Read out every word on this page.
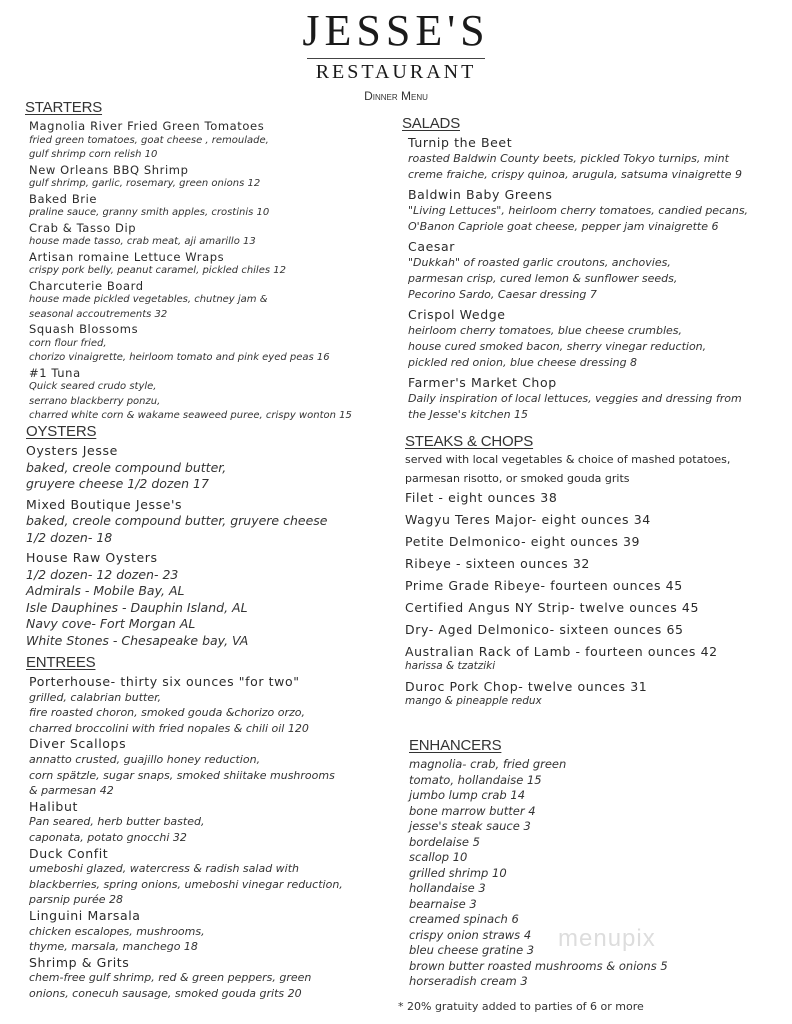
JESSE'S
RESTAURANT
Dinner Menu
STARTERS
Magnolia River Fried Green Tomatoes
fried green tomatoes, goat cheese , remoulade,
gulf shrimp corn relish 10
New Orleans BBQ Shrimp
gulf shrimp, garlic, rosemary, green onions 12
Baked Brie
praline sauce, granny smith apples, crostinis 10
Crab & Tasso Dip
house made tasso, crab meat, aji amarillo 13
Artisan romaine Lettuce Wraps
crispy pork belly, peanut caramel, pickled chiles 12
Charcuterie Board
house made pickled vegetables, chutney jam &
seasonal accoutrements 32
Squash Blossoms
corn flour fried,
chorizo vinaigrette, heirloom tomato and pink eyed peas 16
#1 Tuna
Quick seared crudo style,
serrano blackberry ponzu,
charred white corn & wakame seaweed puree, crispy wonton 15
OYSTERS
Oysters Jesse
baked, creole compound butter,
gruyere cheese 1/2 dozen 17
Mixed Boutique Jesse's
baked, creole compound butter, gruyere cheese
1/2 dozen- 18
House Raw Oysters
1/2 dozen- 12 dozen- 23
Admirals - Mobile Bay, AL
Isle Dauphines - Dauphin Island, AL
Navy cove- Fort Morgan AL
White Stones - Chesapeake bay, VA
ENTREES
Porterhouse- thirty six ounces "for two"
grilled, calabrian butter,
fire roasted choron, smoked gouda &chorizo orzo,
charred broccolini with fried nopales & chili oil 120
Diver Scallops
annatto crusted, guajillo honey reduction,
corn spätzle, sugar snaps, smoked shiitake mushrooms
& parmesan 42
Halibut
Pan seared, herb butter basted,
caponata, potato gnocchi 32
Duck Confit
umeboshi glazed, watercress & radish salad with
blackberries, spring onions, umeboshi vinegar reduction,
parsnip purée 28
Linguini Marsala
chicken escalopes, mushrooms,
thyme, marsala, manchego 18
Shrimp & Grits
chem-free gulf shrimp, red & green peppers, green
onions, conecuh sausage, smoked gouda grits 20
SALADS
Turnip the Beet
roasted Baldwin County beets, pickled Tokyo turnips, mint
creme fraiche, crispy quinoa, arugula, satsuma vinaigrette 9
Baldwin Baby Greens
"Living Lettuces", heirloom cherry tomatoes, candied pecans,
O'Banon Capriole goat cheese, pepper jam vinaigrette 6
Caesar
"Dukkah" of roasted garlic croutons, anchovies,
parmesan crisp, cured lemon & sunflower seeds,
Pecorino Sardo, Caesar dressing 7
Crispol Wedge
heirloom cherry tomatoes, blue cheese crumbles,
house cured smoked bacon, sherry vinegar reduction,
pickled red onion, blue cheese dressing 8
Farmer's Market Chop
Daily inspiration of local lettuces, veggies and dressing from
the Jesse's kitchen 15
STEAKS & CHOPS
served with local vegetables & choice of mashed potatoes,
parmesan risotto, or smoked gouda grits
Filet - eight ounces 38
Wagyu Teres Major- eight ounces 34
Petite Delmonico- eight ounces 39
Ribeye - sixteen ounces 32
Prime Grade Ribeye- fourteen ounces 45
Certified Angus NY Strip- twelve ounces 45
Dry- Aged Delmonico- sixteen ounces 65
Australian Rack of Lamb - fourteen ounces 42
harissa & tzatziki
Duroc Pork Chop- twelve ounces 31
mango & pineapple redux
ENHANCERS
magnolia- crab, fried green
tomato, hollandaise 15
jumbo lump crab 14
bone marrow butter 4
jesse's steak sauce 3
bordelaise 5
scallop 10
grilled shrimp 10
hollandaise 3
bearnaise 3
creamed spinach 6
crispy onion straws 4
bleu cheese gratine 3
brown butter roasted mushrooms & onions 5
horseradish cream 3
* 20% gratuity added to parties of 6 or more
menupix
